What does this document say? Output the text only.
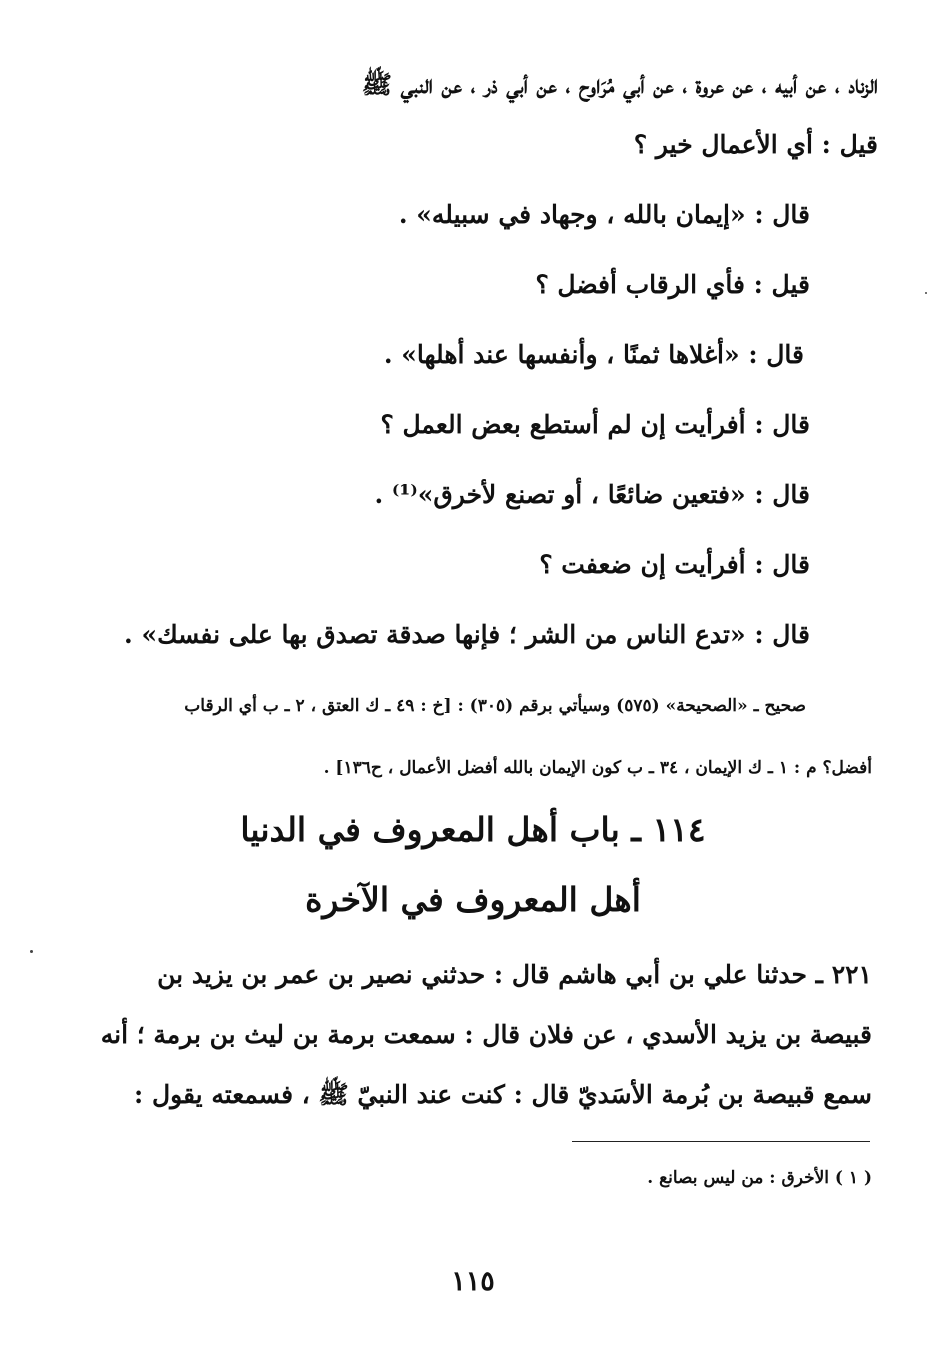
الزناد ، عن أبيه ، عن عروة ، عن أبي مُرَاوح ، عن أبي ذر ، عن النبي ﷺ
قيل : أي الأعمال خير ؟
قال : «إيمان بالله ، وجهاد في سبيله» .
قيل : فأي الرقاب أفضل ؟
قال : «أغلاها ثمنًا ، وأنفسها عند أهلها» .
قال : أفرأيت إن لم أستطع بعض العمل ؟
قال : «فتعين ضائعًا ، أو تصنع لأخرق»⁽¹⁾ .
قال : أفرأيت إن ضعفت ؟
قال : «تدع الناس من الشر ؛ فإنها صدقة تصدق بها على نفسك» .
صحيح ـ «الصحيحة» (٥٧٥) وسيأتي برقم (٣٠٥) : [خ : ٤٩ ـ ك العتق ، ٢ ـ ب أي الرقاب
أفضل؟ م : ١ ـ ك الإيمان ، ٣٤ ـ ب كون الإيمان بالله أفضل الأعمال ، ح١٣٦] .
١١٤ ـ باب أهل المعروف في الدنيا
أهل المعروف في الآخرة
٢٢١ ـ حدثنا علي بن أبي هاشم قال : حدثني نصير بن عمر بن يزيد بن
قبيصة بن يزيد الأسدي ، عن فلان قال : سمعت برمة بن ليث بن برمة ؛ أنه
سمع قبيصة بن بُرمة الأسَديّ قال : كنت عند النبيّ ﷺ ، فسمعته يقول :
( ١ ) الأخرق : من ليس بصانع .
١١٥
